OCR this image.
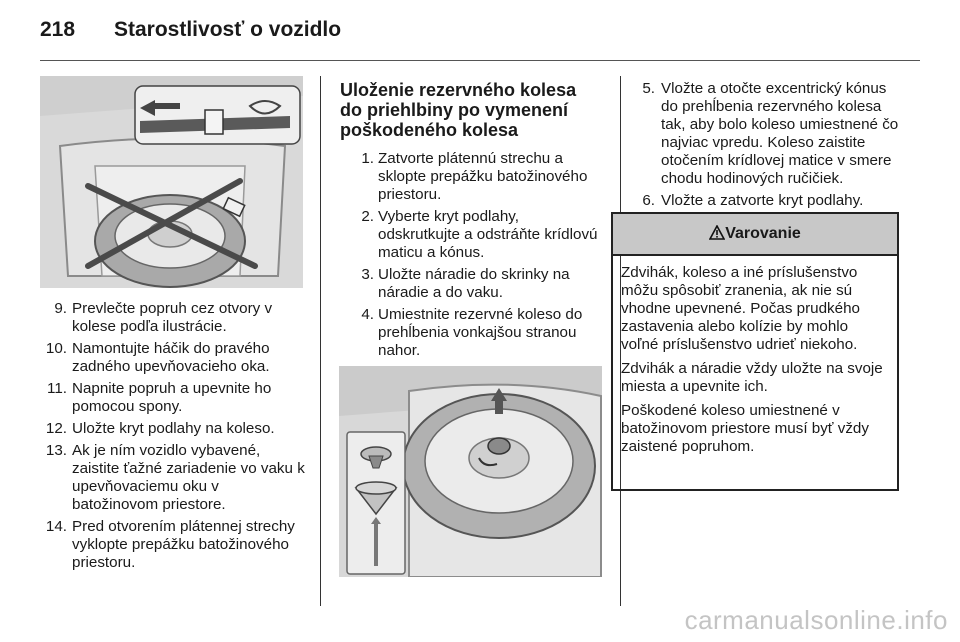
218 Starostlivosť o vozidlo
9. Prevlečte popruh cez otvory v kolese podľa ilustrácie.
10. Namontujte háčik do pravého zadného upevňovacieho oka.
11. Napnite popruh a upevnite ho pomocou spony.
12. Uložte kryt podlahy na koleso.
13. Ak je ním vozidlo vybavené, zaistite ťažné zariadenie vo vaku k upevňovaciemu oku v batožinovom priestore.
14. Pred otvorením plátennej strechy vyklopte prepážku batožinového priestoru.
Uloženie rezervného kolesa do priehlbiny po vymenení poškodeného kolesa
1. Zatvorte plátennú strechu a sklopte prepážku batožinového priestoru.
2. Vyberte kryt podlahy, odskrutkujte a odstráňte krídlovú maticu a kónus.
3. Uložte náradie do skrinky na náradie a do vaku.
4. Umiestnite rezervné koleso do prehĺbenia vonkajšou stranou nahor.
5. Vložte a otočte excentrický kónus do prehĺbenia rezervného kolesa tak, aby bolo koleso umiestnené čo najviac vpredu. Koleso zaistite otočením krídlovej matice v smere chodu hodinových ručičiek.
6. Vložte a zatvorte kryt podlahy.
Varovanie

Zdvihák, koleso a iné príslušenstvo môžu spôsobiť zranenia, ak nie sú vhodne upevnené. Počas prudkého zastavenia alebo kolízie by mohlo voľné príslušenstvo udrieť niekoho.

Zdvihák a náradie vždy uložte na svoje miesta a upevnite ich.

Poškodené koleso umiestnené v batožinovom priestore musí byť vždy zaistené popruhom.

carmanualsonline.info
